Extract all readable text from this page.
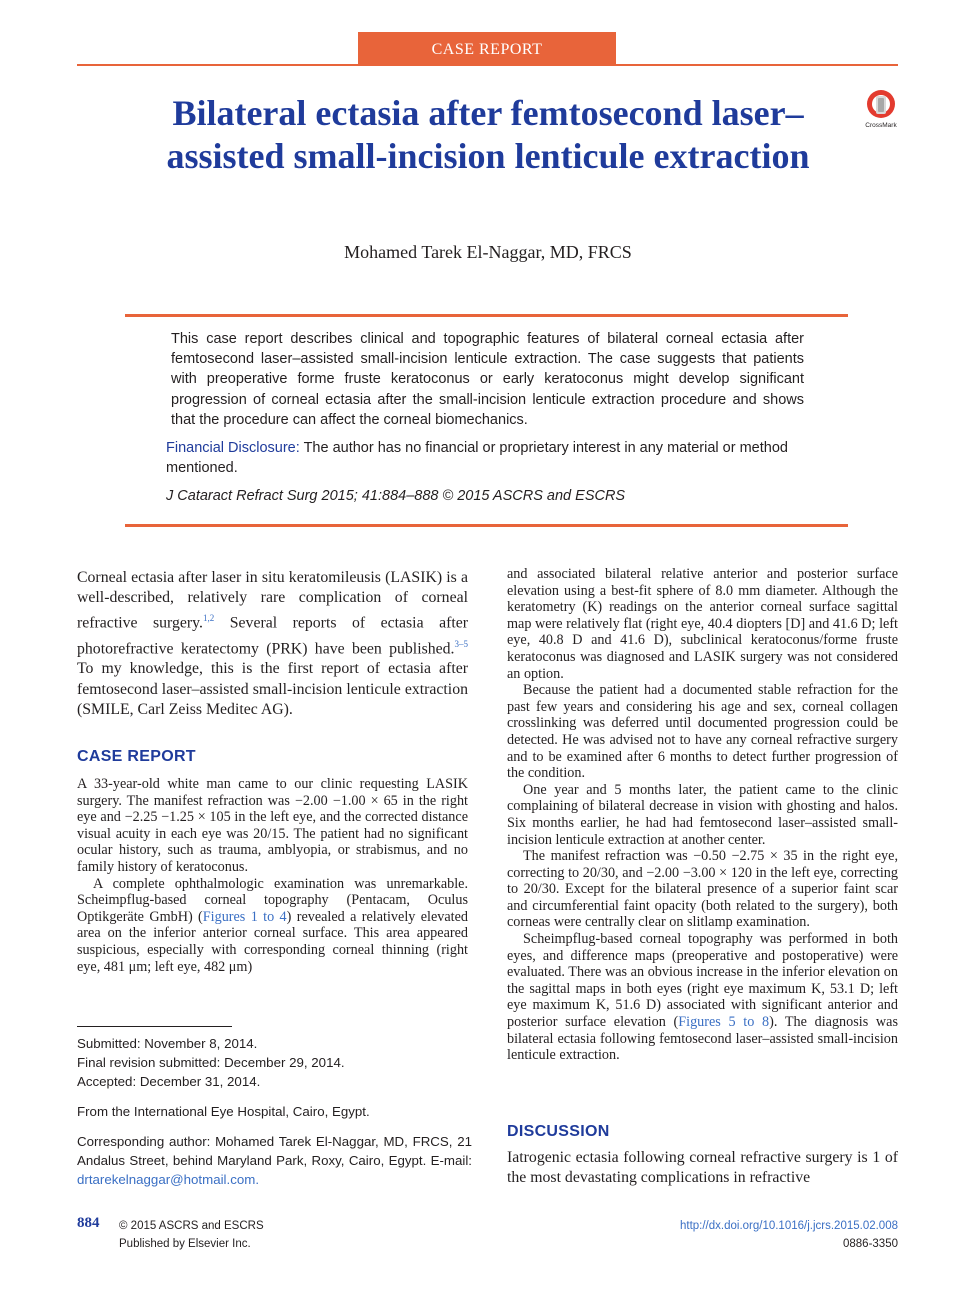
CASE REPORT
Bilateral ectasia after femtosecond laser–assisted small-incision lenticule extraction
CrossMark
Mohamed Tarek El-Naggar, MD, FRCS
This case report describes clinical and topographic features of bilateral corneal ectasia after femtosecond laser–assisted small-incision lenticule extraction. The case suggests that patients with preoperative forme fruste keratoconus or early keratoconus might develop significant progression of corneal ectasia after the small-incision lenticule extraction procedure and shows that the procedure can affect the corneal biomechanics.
Financial Disclosure: The author has no financial or proprietary interest in any material or method mentioned.
J Cataract Refract Surg 2015; 41:884–888 © 2015 ASCRS and ESCRS
Corneal ectasia after laser in situ keratomileusis (LASIK) is a well-described, relatively rare complication of corneal refractive surgery.$^{1,2}$ Several reports of ectasia after photorefractive keratectomy (PRK) have been published.$^{3-5}$ To my knowledge, this is the first report of ectasia after femtosecond laser–assisted small-incision lenticule extraction (SMILE, Carl Zeiss Meditec AG).
CASE REPORT

A 33-year-old white man came to our clinic requesting LASIK surgery. The manifest refraction was −2.00 −1.00 × 65 in the right eye and −2.25 −1.25 × 105 in the left eye, and the corrected distance visual acuity in each eye was 20/15. The patient had no significant ocular history, such as trauma, amblyopia, or strabismus, and no family history of keratoconus.

A complete ophthalmologic examination was unremarkable. Scheimpflug-based corneal topography (Pentacam, Oculus Optikgeräte GmbH) (Figures 1 to 4) revealed a relatively elevated area on the inferior anterior corneal surface. This area appeared suspicious, especially with corresponding corneal thinning (right eye, 481 μm; left eye, 482 μm)

Submitted: November 8, 2014.
Final revision submitted: December 29, 2014.
Accepted: December 31, 2014.
From the International Eye Hospital, Cairo, Egypt.
Corresponding author: Mohamed Tarek El-Naggar, MD, FRCS, 21 Andalus Street, behind Maryland Park, Roxy, Cairo, Egypt. E-mail: drtarekelnaggar@hotmail.com.

and associated bilateral relative anterior and posterior surface elevation using a best-fit sphere of 8.0 mm diameter. Although the keratometry (K) readings on the anterior corneal surface sagittal map were relatively flat (right eye, 40.4 diopters [D] and 41.6 D; left eye, 40.8 D and 41.6 D), subclinical keratoconus/forme fruste keratoconus was diagnosed and LASIK surgery was not considered an option.

Because the patient had a documented stable refraction for the past few years and considering his age and sex, corneal collagen crosslinking was deferred until documented progression could be detected. He was advised not to have any corneal refractive surgery and to be examined after 6 months to detect further progression of the condition.

One year and 5 months later, the patient came to the clinic complaining of bilateral decrease in vision with ghosting and halos. Six months earlier, he had had femtosecond laser–assisted small-incision lenticule extraction at another center.

The manifest refraction was −0.50 −2.75 × 35 in the right eye, correcting to 20/30, and −2.00 −3.00 × 120 in the left eye, correcting to 20/30. Except for the bilateral presence of a superior faint scar and circumferential faint opacity (both related to the surgery), both corneas were centrally clear on slitlamp examination.

Scheimpflug-based corneal topography was performed in both eyes, and difference maps (preoperative and postoperative) were evaluated. There was an obvious increase in the inferior elevation on the sagittal maps in both eyes (right eye maximum K, 53.1 D; left eye maximum K, 51.6 D) associated with significant anterior and posterior surface elevation (Figures 5 to 8). The diagnosis was bilateral ectasia following femtosecond laser–assisted small-incision lenticule extraction.

DISCUSSION
Iatrogenic ectasia following corneal refractive surgery is 1 of the most devastating complications in refractive
884 © 2015 ASCRS and ESCRS
Published by Elsevier Inc.
http://dx.doi.org/10.1016/j.jcrs.2015.02.008
0886-3350
